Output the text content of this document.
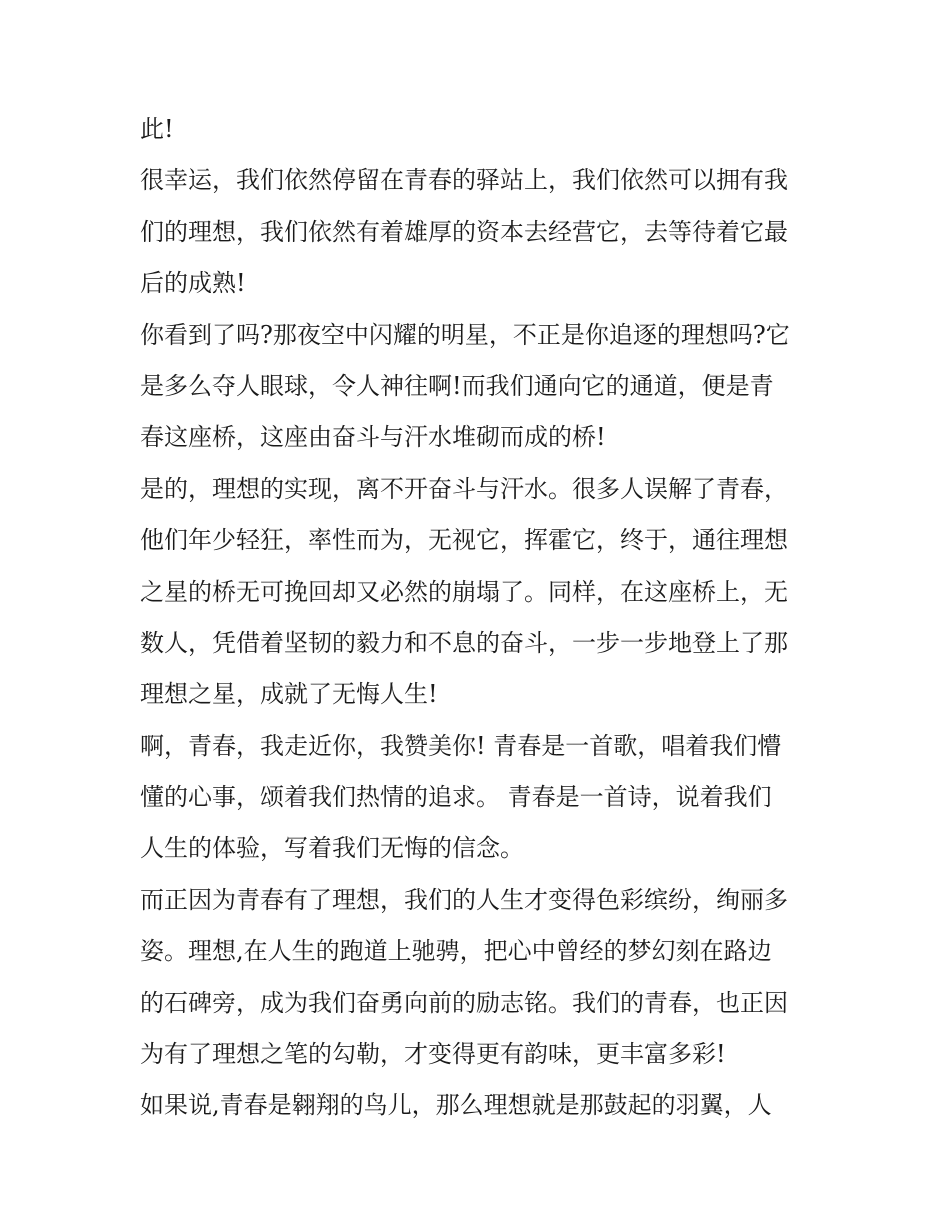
此!
很幸运，我们依然停留在青春的驿站上，我们依然可以拥有我
们的理想，我们依然有着雄厚的资本去经营它，去等待着它最
后的成熟!
你看到了吗?那夜空中闪耀的明星，不正是你追逐的理想吗?它
是多么夺人眼球，令人神往啊!而我们通向它的通道，便是青
春这座桥，这座由奋斗与汗水堆砌而成的桥!
是的，理想的实现，离不开奋斗与汗水。很多人误解了青春，
他们年少轻狂，率性而为，无视它，挥霍它，终于，通往理想
之星的桥无可挽回却又必然的崩塌了。同样，在这座桥上，无
数人，凭借着坚韧的毅力和不息的奋斗，一步一步地登上了那
理想之星，成就了无悔人生!
啊，青春，我走近你，我赞美你! 青春是一首歌，唱着我们懵
懂的心事，颂着我们热情的追求。 青春是一首诗，说着我们
人生的体验，写着我们无悔的信念。
而正因为青春有了理想，我们的人生才变得色彩缤纷，绚丽多
姿。理想,在人生的跑道上驰骋，把心中曾经的梦幻刻在路边
的石碑旁，成为我们奋勇向前的励志铭。我们的青春，也正因
为有了理想之笔的勾勒，才变得更有韵味，更丰富多彩!
如果说,青春是翱翔的鸟儿，那么理想就是那鼓起的羽翼，人
